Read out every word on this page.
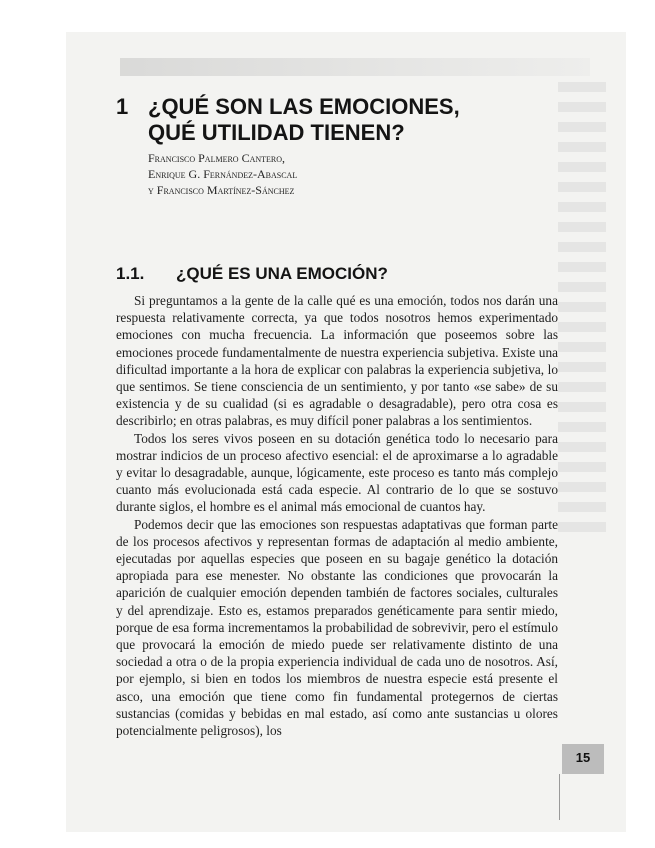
1 ¿QUÉ SON LAS EMOCIONES,
QUÉ UTILIDAD TIENEN?
Francisco Palmero Cantero,
Enrique G. Fernández-Abascal
y Francisco Martínez-Sánchez
1.1. ¿QUÉ ES UNA EMOCIÓN?

Si preguntamos a la gente de la calle qué es una emoción, todos nos darán una respuesta relativamente correcta, ya que todos nosotros hemos experimentado emociones con mucha frecuencia. La información que poseemos sobre las emociones procede fundamentalmente de nuestra experiencia subjetiva. Existe una dificultad importante a la hora de explicar con palabras la experiencia subjetiva, lo que sentimos. Se tiene consciencia de un sentimiento, y por tanto «se sabe» de su existencia y de su cualidad (si es agradable o desagradable), pero otra cosa es describirlo; en otras palabras, es muy difícil poner palabras a los sentimientos.

Todos los seres vivos poseen en su dotación genética todo lo necesario para mostrar indicios de un proceso afectivo esencial: el de aproximarse a lo agradable y evitar lo desagradable, aunque, lógicamente, este proceso es tanto más complejo cuanto más evolucionada está cada especie. Al contrario de lo que se sostuvo durante siglos, el hombre es el animal más emocional de cuantos hay.

Podemos decir que las emociones son respuestas adaptativas que forman parte de los procesos afectivos y representan formas de adaptación al medio ambiente, ejecutadas por aquellas especies que poseen en su bagaje genético la dotación apropiada para ese menester. No obstante las condiciones que provocarán la aparición de cualquier emoción dependen también de factores sociales, culturales y del aprendizaje. Esto es, estamos preparados genéticamente para sentir miedo, porque de esa forma incrementamos la probabilidad de sobrevivir, pero el estímulo que provocará la emoción de miedo puede ser relativamente distinto de una sociedad a otra o de la propia experiencia individual de cada uno de nosotros. Así, por ejemplo, si bien en todos los miembros de nuestra especie está presente el asco, una emoción que tiene como fin fundamental protegernos de ciertas sustancias (comidas y bebidas en mal estado, así como ante sustancias u olores potencialmente peligrosos), los

15
